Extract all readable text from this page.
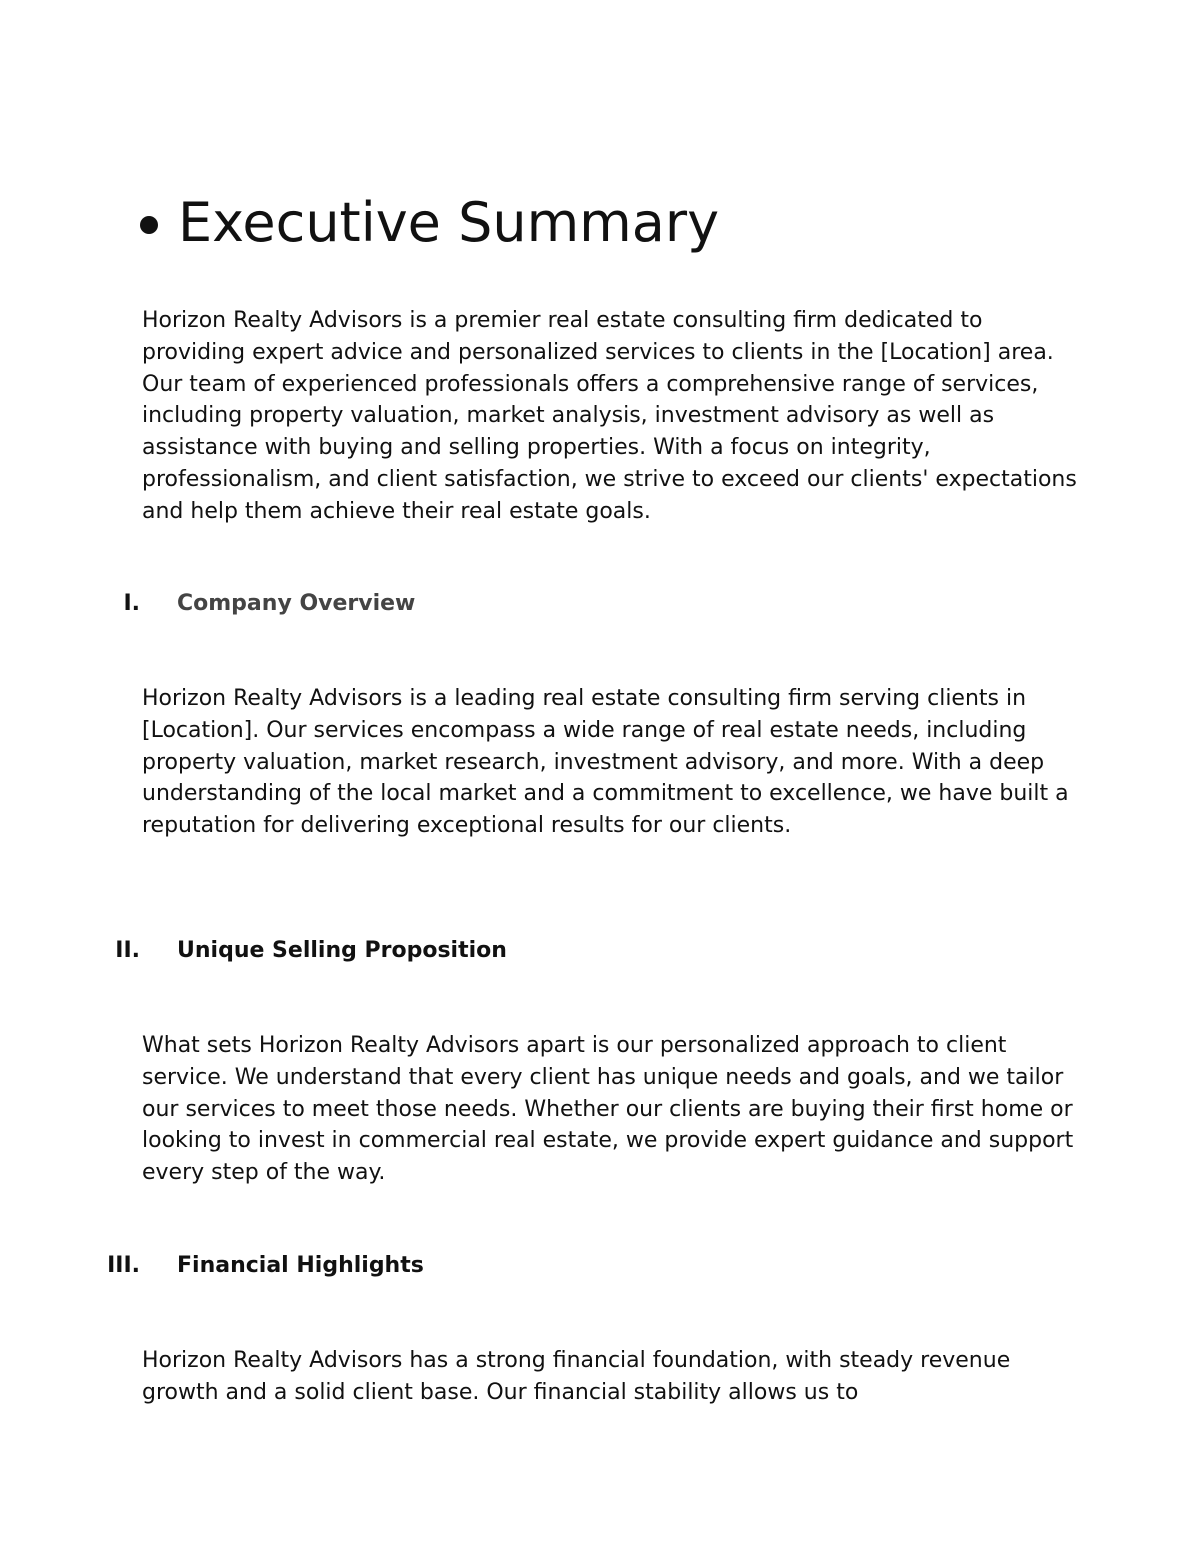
Executive Summary

Horizon Realty Advisors is a premier real estate consulting firm dedicated to providing expert advice and personalized services to clients in the [Location] area. Our team of experienced professionals offers a comprehensive range of services, including property valuation, market analysis, investment advisory as well as assistance with buying and selling properties. With a focus on integrity, professionalism, and client satisfaction, we strive to exceed our clients' expectations and help them achieve their real estate goals.

I. Company Overview

Horizon Realty Advisors is a leading real estate consulting firm serving clients in [Location]. Our services encompass a wide range of real estate needs, including property valuation, market research, investment advisory, and more. With a deep understanding of the local market and a commitment to excellence, we have built a reputation for delivering exceptional results for our clients.

II. Unique Selling Proposition

What sets Horizon Realty Advisors apart is our personalized approach to client service. We understand that every client has unique needs and goals, and we tailor our services to meet those needs. Whether our clients are buying their first home or looking to invest in commercial real estate, we provide expert guidance and support every step of the way.

III. Financial Highlights

Horizon Realty Advisors has a strong financial foundation, with steady revenue growth and a solid client base. Our financial stability allows us to
